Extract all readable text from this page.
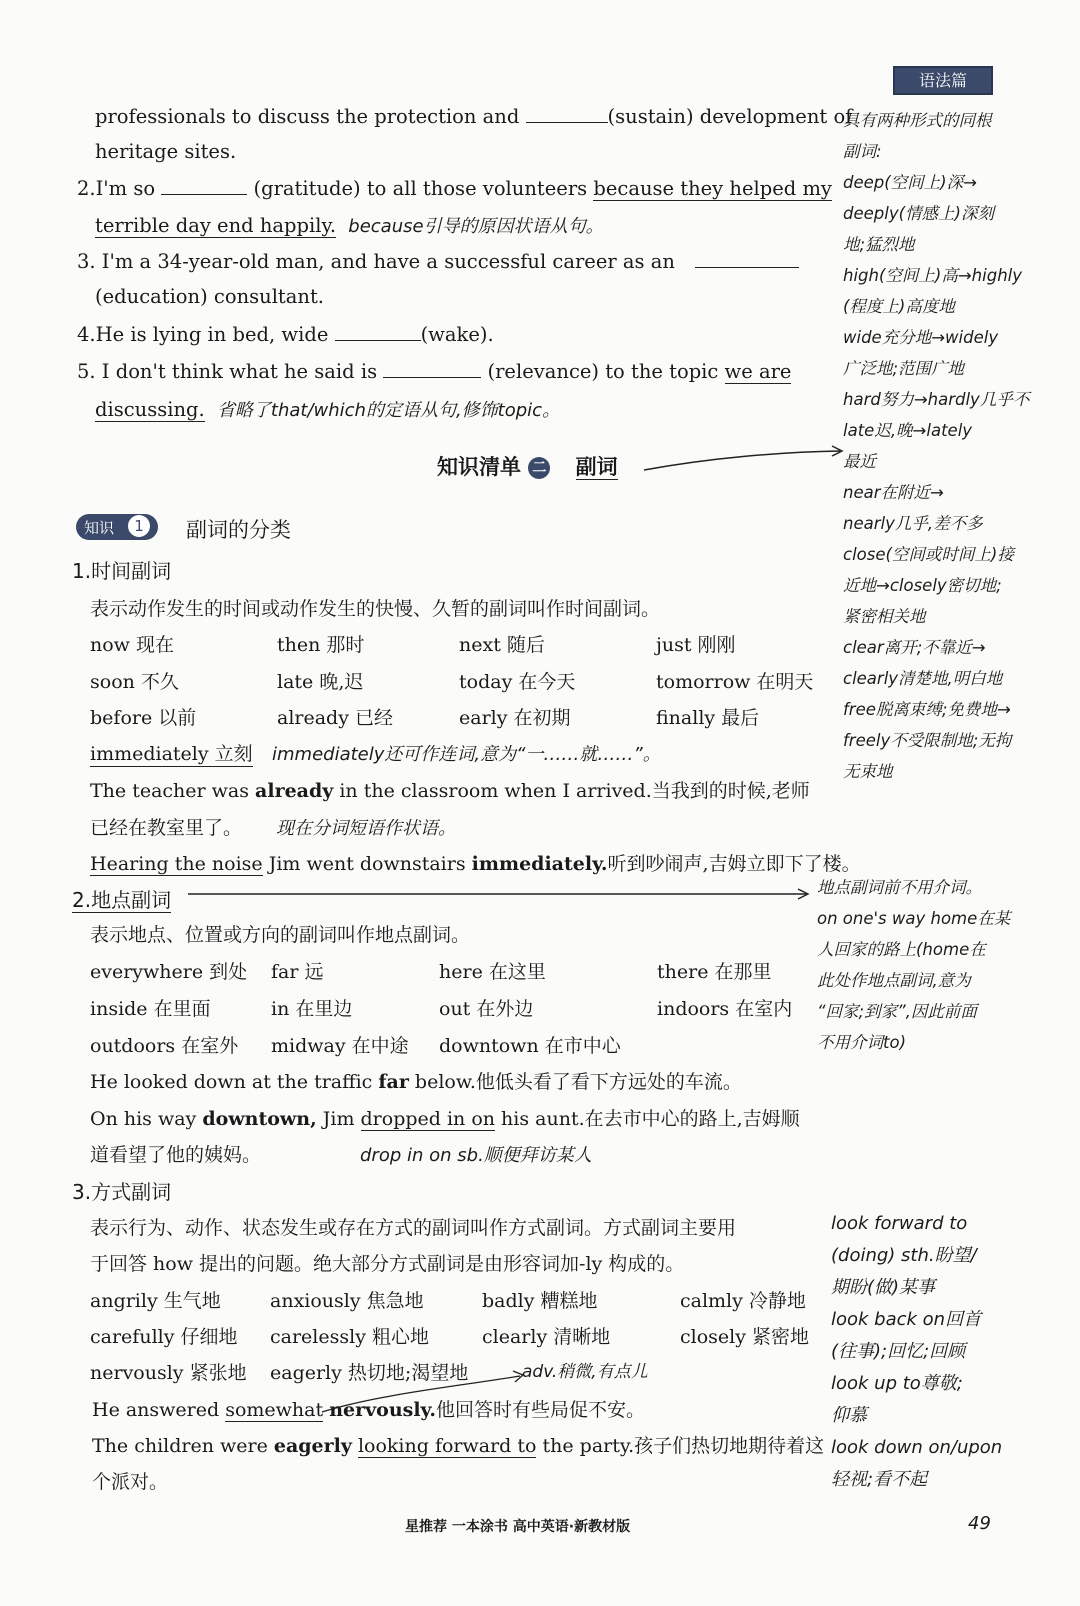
语法篇
professionals to discuss the protection and	(sustain) development of
heritage sites.
2.I'm so	(gratitude) to all those volunteers because they helped my
terrible day end happily. because引导的原因状语从句。
3. I'm a 34-year-old man, and have a successful career as an
(education) consultant.
4.He is lying in bed, wide	(wake).
5. I don't think what he said is	(relevance) to the topic we are
discussing. 省略了that/which的定语从句,修饰topic。
知识清单 二 副词
知识	1 副词的分类
1.时间副词
表示动作发生的时间或动作发生的快慢、久暂的副词叫作时间副词。
now 现在	then 那时	next 随后	just 刚刚
soon 不久	late 晚,迟	today 在今天	tomorrow 在明天
before 以前	already 已经	early 在初期	finally 最后
immediately 立刻 immediately还可作连词,意为“一……就……”。
The teacher was already in the classroom when I arrived.当我到的时候,老师
已经在教室里了。 现在分词短语作状语。
Hearing the noise Jim went downstairs immediately.听到吵闹声,吉姆立即下了楼。
2.地点副词
表示地点、位置或方向的副词叫作地点副词。
everywhere 到处 far 远	here 在这里	there 在那里
inside 在里面	in 在里边	out 在外边	indoors 在室内
outdoors 在室外 midway 在中途 downtown 在市中心
He looked down at the traffic far below.他低头看了看下方远处的车流。
On his way downtown, Jim dropped in on his aunt.在去市中心的路上,吉姆顺
道看望了他的姨妈。	drop in on sb.顺便拜访某人
3.方式副词
表示行为、动作、状态发生或存在方式的副词叫作方式副词。方式副词主要用
于回答 how 提出的问题。绝大部分方式副词是由形容词加-ly 构成的。
angrily 生气地	anxiously 焦急地	badly 糟糕地	calmly 冷静地
carefully 仔细地 carelessly 粗心地	clearly 清晰地	closely 紧密地
nervously 紧张地 eagerly 热切地;渴望地	adv.稍微,有点儿
He answered somewhat nervously.他回答时有些局促不安。
The children were eagerly looking forward to the party.孩子们热切地期待着这
个派对。
具有两种形式的同根
副词:
deep(空间上)深→
deeply(情感上)深刻
地;猛烈地
high(空间上)高→highly
(程度上)高度地
wide充分地→widely
广泛地;范围广地
hard努力→hardly几乎不
late迟,晚→lately
最近
near在附近→
nearly几乎,差不多
close(空间或时间上)接
近地→closely密切地;
紧密相关地
clear离开;不靠近→
clearly清楚地,明白地
free脱离束缚;免费地→
freely不受限制地;无拘
无束地
地点副词前不用介词。
on one's way home在某
人回家的路上(home在
此处作地点副词,意为
“回家;到家”,因此前面
不用介词to)
look forward to
(doing) sth.盼望/
期盼(做)某事
look back on回首
(往事);回忆;回顾
look up to尊敬;
仰慕
look down on/upon
轻视;看不起
星推荐 一本涂书 高中英语·新教材版	49
